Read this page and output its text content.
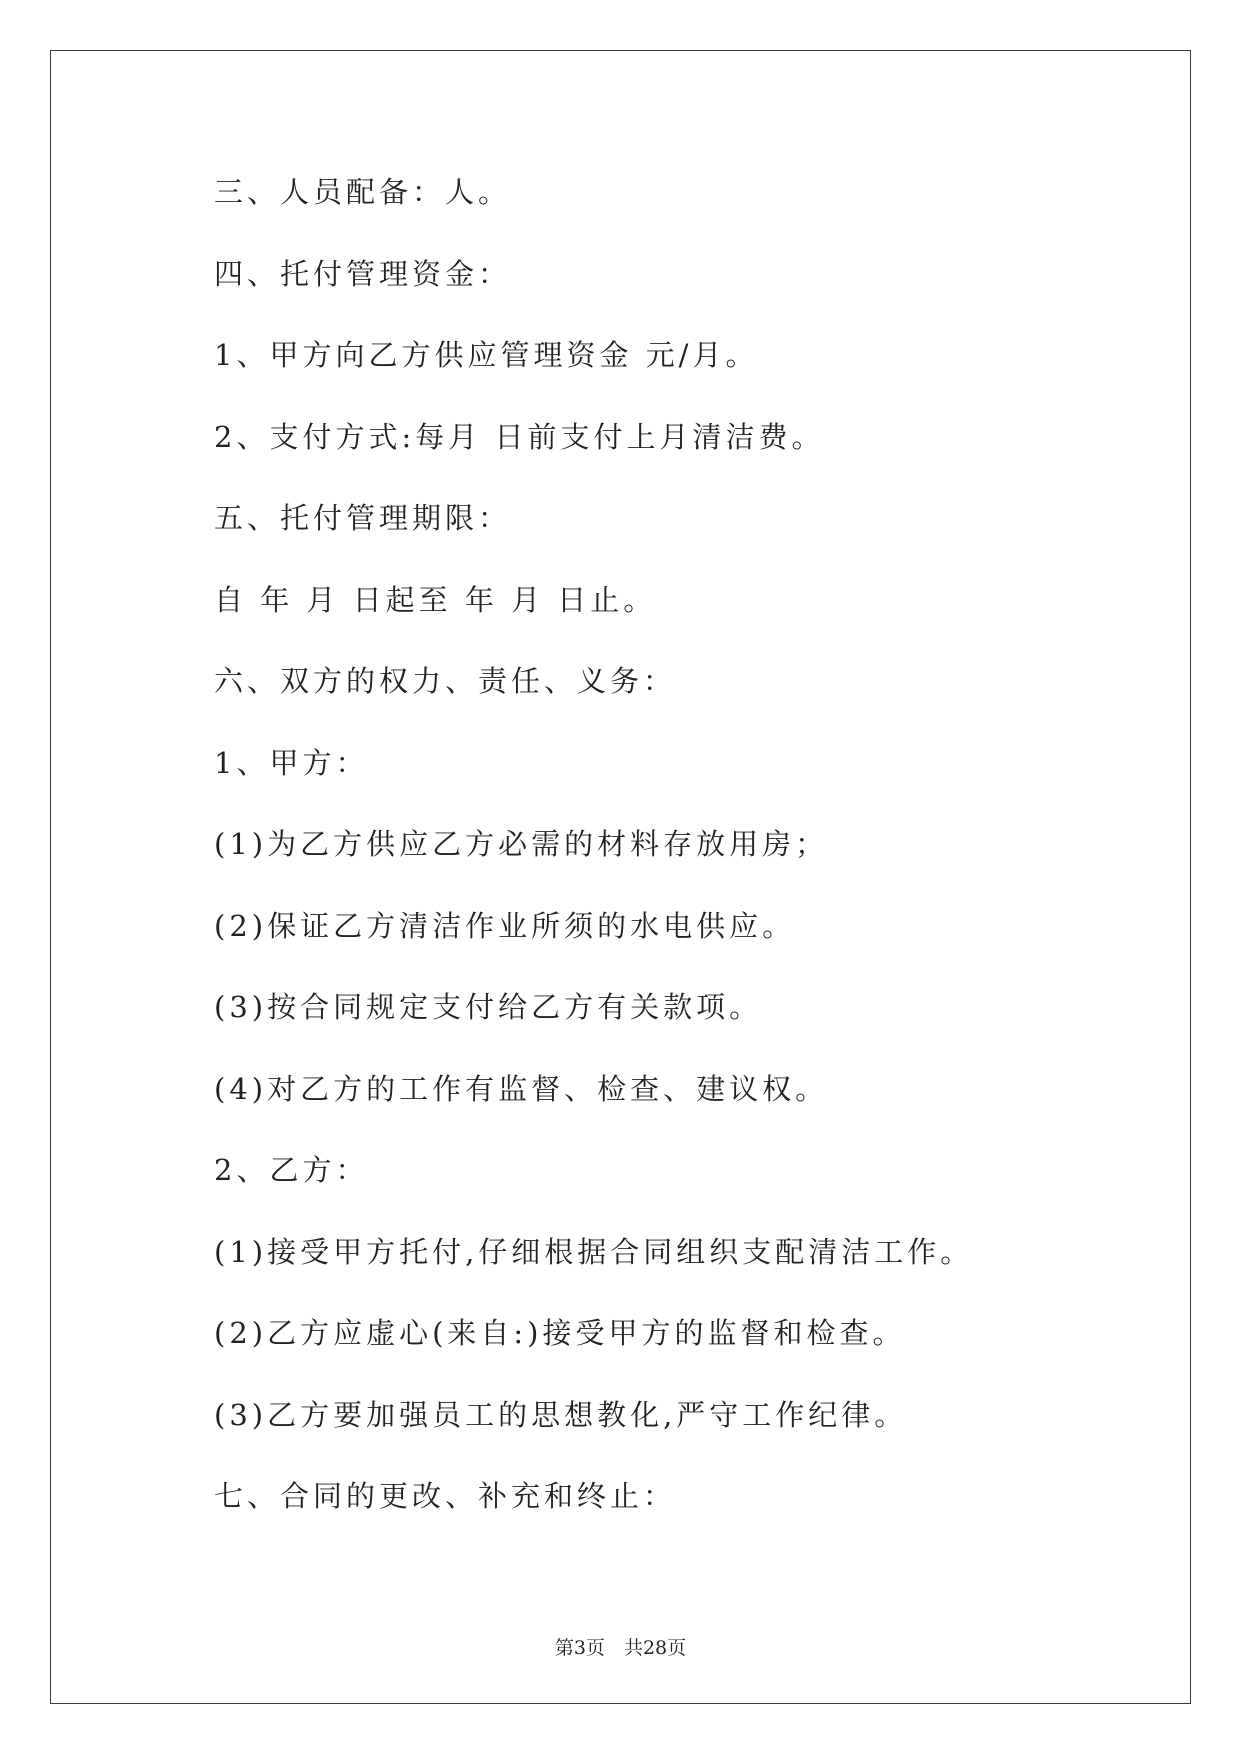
三、人员配备：人。

四、托付管理资金：

1、甲方向乙方供应管理资金 元/月。

2、支付方式:每月 日前支付上月清洁费。

五、托付管理期限：

自 年 月 日起至 年 月 日止。

六、双方的权力、责任、义务：

1、甲方：

(1)为乙方供应乙方必需的材料存放用房；

(2)保证乙方清洁作业所须的水电供应。

(3)按合同规定支付给乙方有关款项。

(4)对乙方的工作有监督、检查、建议权。

2、乙方：

(1)接受甲方托付,仔细根据合同组织支配清洁工作。

(2)乙方应虚心(来自:)接受甲方的监督和检查。

(3)乙方要加强员工的思想教化,严守工作纪律。

七、合同的更改、补充和终止：

第3页　共28页
